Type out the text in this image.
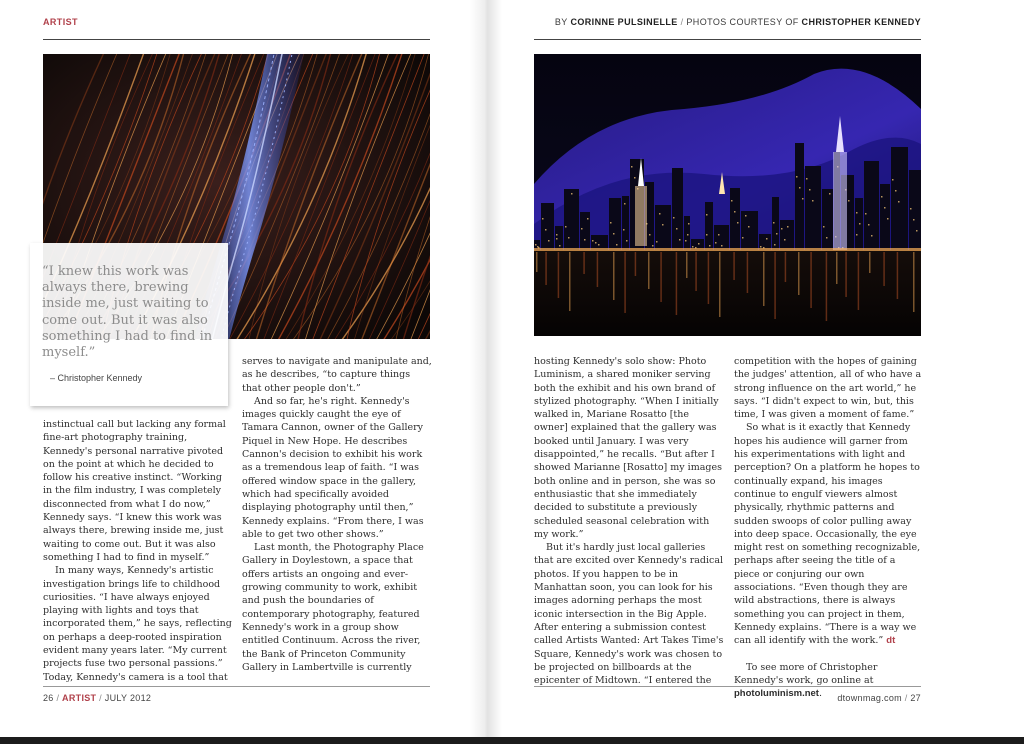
ARTIST
“I knew this work was always there, brewing inside me, just waiting to come out. But it was also something I had to find in myself.”
– Christopher Kennedy

instinctual call but lacking any formal fine-art photography training, Kennedy's personal narrative pivoted on the point at which he decided to follow his creative instinct. “Working in the film industry, I was completely disconnected from what I do now,” Kennedy says. “I knew this work was always there, brewing inside me, just waiting to come out. But it was also something I had to find in myself.”

In many ways, Kennedy's artistic investigation brings life to childhood curiosities. “I have always enjoyed playing with lights and toys that incorporated them,” he says, reflecting on perhaps a deep-rooted inspiration evident many years later. “My current projects fuse two personal passions.” Today, Kennedy's camera is a tool that

serves to navigate and manipulate and, as he describes, “to capture things that other people don't.”

And so far, he's right. Kennedy's images quickly caught the eye of Tamara Cannon, owner of the Gallery Piquel in New Hope. He describes Cannon's decision to exhibit his work as a tremendous leap of faith. “I was offered window space in the gallery, which had specifically avoided displaying photography until then,” Kennedy explains. “From there, I was able to get two other shows.”

Last month, the Photography Place Gallery in Doylestown, a space that offers artists an ongoing and ever-growing community to work, exhibit and push the boundaries of contemporary photography, featured Kennedy's work in a group show entitled Continuum. Across the river, the Bank of Princeton Community Gallery in Lambertville is currently

26 / ARTIST / JULY 2012
BY CORINNE PULSINELLE / PHOTOS COURTESY OF CHRISTOPHER KENNEDY

hosting Kennedy's solo show: Photo Luminism, a shared moniker serving both the exhibit and his own brand of stylized photography. “When I initially walked in, Mariane Rosatto [the owner] explained that the gallery was booked until January. I was very disappointed,” he recalls. “But after I showed Marianne [Rosatto] my images both online and in person, she was so enthusiastic that she immediately decided to substitute a previously scheduled seasonal celebration with my work.”

But it's hardly just local galleries that are excited over Kennedy's radical photos. If you happen to be in Manhattan soon, you can look for his images adorning perhaps the most iconic intersection in the Big Apple. After entering a submission contest called Artists Wanted: Art Takes Time's Square, Kennedy's work was chosen to be projected on billboards at the epicenter of Midtown. “I entered the

competition with the hopes of gaining the judges' attention, all of who have a strong influence on the art world,” he says. “I didn't expect to win, but, this time, I was given a moment of fame.”

So what is it exactly that Kennedy hopes his audience will garner from his experimentations with light and perception? On a platform he hopes to continually expand, his images continue to engulf viewers almost physically, rhythmic patterns and sudden swoops of color pulling away into deep space. Occasionally, the eye might rest on something recognizable, perhaps after seeing the title of a piece or conjuring our own associations. “Even though they are wild abstractions, there is always something you can project in them, Kennedy explains. “There is a way we can all identify with the work.” dt

To see more of Christopher Kennedy's work, go online at photoluminism.net.	dtownmag.com / 27
